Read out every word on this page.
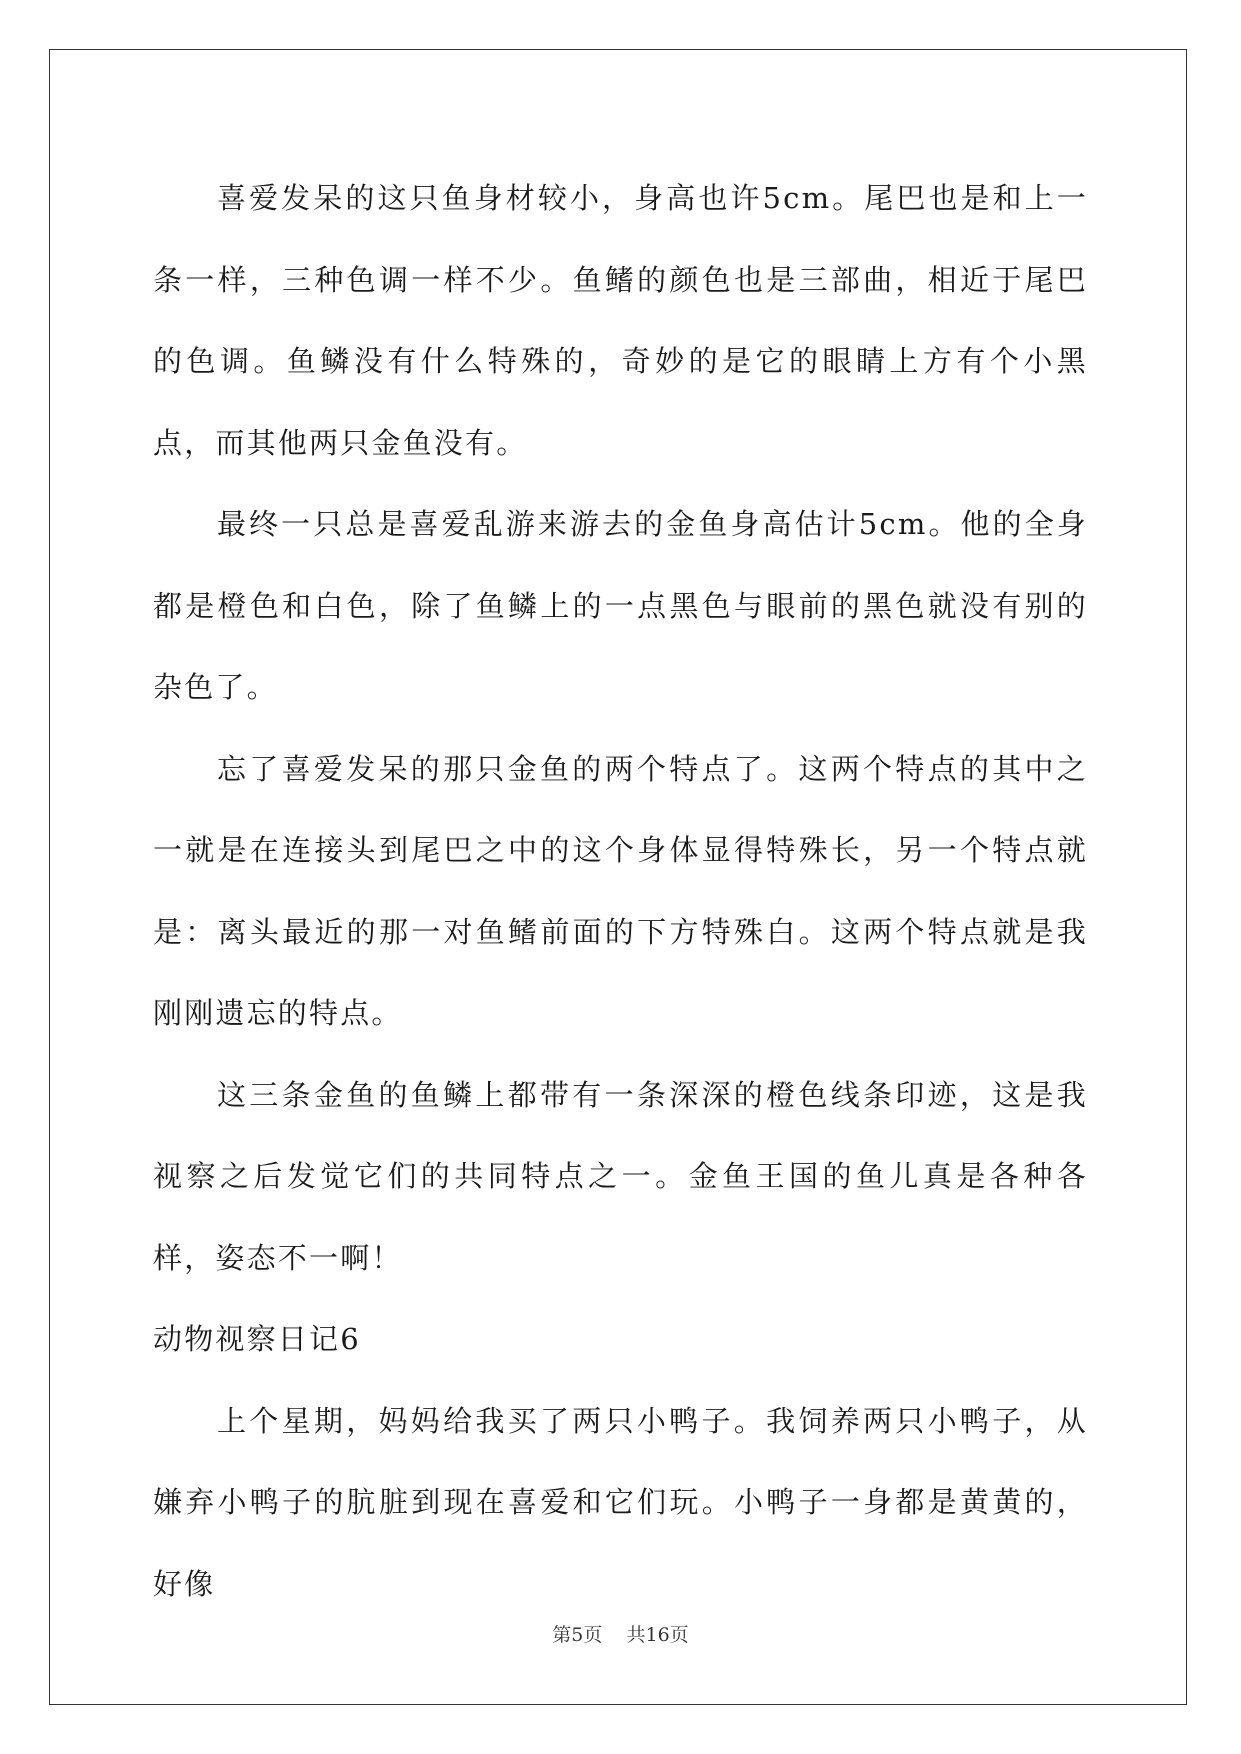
喜爱发呆的这只鱼身材较小，身高也许5cm。尾巴也是和上一条一样，三种色调一样不少。鱼鳍的颜色也是三部曲，相近于尾巴的色调。鱼鳞没有什么特殊的，奇妙的是它的眼睛上方有个小黑点，而其他两只金鱼没有。

最终一只总是喜爱乱游来游去的金鱼身高估计5cm。他的全身都是橙色和白色，除了鱼鳞上的一点黑色与眼前的黑色就没有别的杂色了。

忘了喜爱发呆的那只金鱼的两个特点了。这两个特点的其中之一就是在连接头到尾巴之中的这个身体显得特殊长，另一个特点就是：离头最近的那一对鱼鳍前面的下方特殊白。这两个特点就是我刚刚遗忘的特点。

这三条金鱼的鱼鳞上都带有一条深深的橙色线条印迹，这是我视察之后发觉它们的共同特点之一。金鱼王国的鱼儿真是各种各样，姿态不一啊！

动物视察日记6

上个星期，妈妈给我买了两只小鸭子。我饲养两只小鸭子，从嫌弃小鸭子的肮脏到现在喜爱和它们玩。小鸭子一身都是黄黄的，好像

第5页 共16页
